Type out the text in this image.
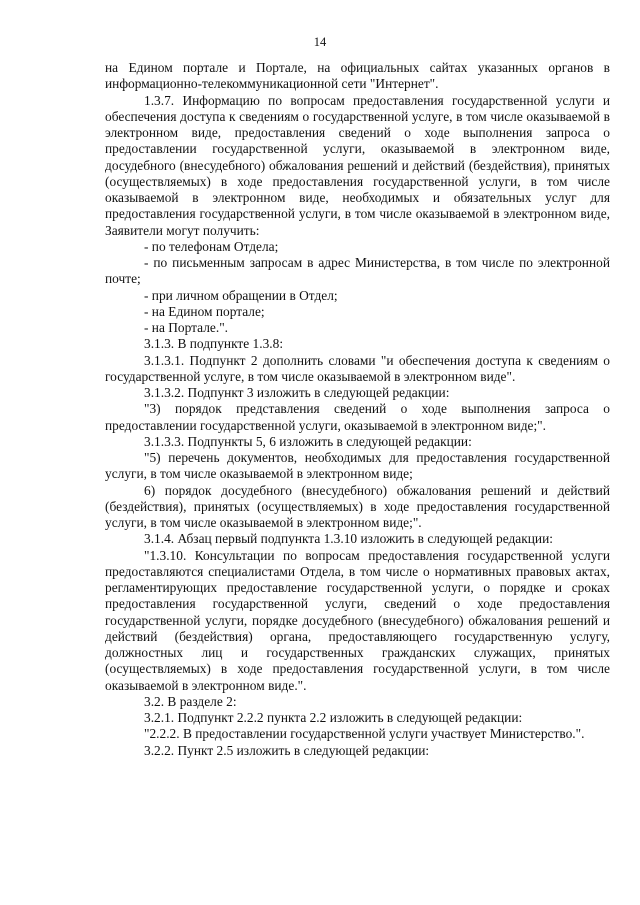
14

на Едином портале и Портале, на официальных сайтах указанных органов в информационно-телекоммуникационной сети "Интернет".

1.3.7. Информацию по вопросам предоставления государственной услуги и обеспечения доступа к сведениям о государственной услуге, в том числе оказываемой в электронном виде, предоставления сведений о ходе выполнения запроса о предоставлении государственной услуги, оказываемой в электронном виде, досудебного (внесудебного) обжалования решений и действий (бездействия), принятых (осуществляемых) в ходе предоставления государственной услуги, в том числе оказываемой в электронном виде, необходимых и обязательных услуг для предоставления государственной услуги, в том числе оказываемой в электронном виде, Заявители могут получить:

- по телефонам Отдела;

- по письменным запросам в адрес Министерства, в том числе по электронной почте;

- при личном обращении в Отдел;

- на Едином портале;

- на Портале.".

3.1.3. В подпункте 1.3.8:

3.1.3.1. Подпункт 2 дополнить словами "и обеспечения доступа к сведениям о государственной услуге, в том числе оказываемой в электронном виде".

3.1.3.2. Подпункт 3 изложить в следующей редакции:

"3) порядок представления сведений о ходе выполнения запроса о предоставлении государственной услуги, оказываемой в электронном виде;".

3.1.3.3. Подпункты 5, 6 изложить в следующей редакции:

"5) перечень документов, необходимых для предоставления государственной услуги, в том числе оказываемой в электронном виде;

6) порядок досудебного (внесудебного) обжалования решений и действий (бездействия), принятых (осуществляемых) в ходе предоставления государственной услуги, в том числе оказываемой в электронном виде;".

3.1.4. Абзац первый подпункта 1.3.10 изложить в следующей редакции:

"1.3.10. Консультации по вопросам предоставления государственной услуги предоставляются специалистами Отдела, в том числе о нормативных правовых актах, регламентирующих предоставление государственной услуги, о порядке и сроках предоставления государственной услуги, сведений о ходе предоставления государственной услуги, порядке досудебного (внесудебного) обжалования решений и действий (бездействия) органа, предоставляющего государственную услугу, должностных лиц и государственных гражданских служащих, принятых (осуществляемых) в ходе предоставления государственной услуги, в том числе оказываемой в электронном виде.".

3.2. В разделе 2:

3.2.1. Подпункт 2.2.2 пункта 2.2 изложить в следующей редакции:

"2.2.2. В предоставлении государственной услуги участвует Министерство.".

3.2.2. Пункт 2.5 изложить в следующей редакции:
